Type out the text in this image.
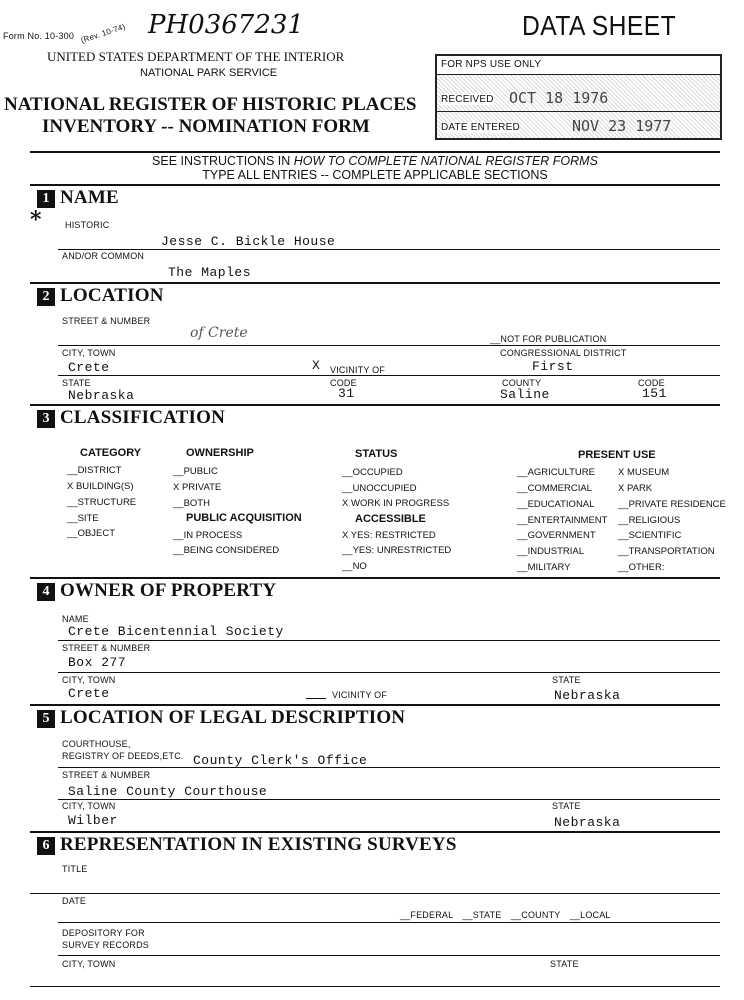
Form No. 10-300 (Rev. 10-74) PH0367231	DATA SHEET
UNITED STATES DEPARTMENT OF THE INTERIOR
NATIONAL PARK SERVICE
NATIONAL REGISTER OF HISTORIC PLACES
INVENTORY -- NOMINATION FORM
FOR NPS USE ONLY
RECEIVED OCT 18 1976
DATE ENTERED	NOV 23 1977
SEE INSTRUCTIONS IN HOW TO COMPLETE NATIONAL REGISTER FORMS
TYPE ALL ENTRIES -- COMPLETE APPLICABLE SECTIONS
1 NAME
HISTORIC
*
Jesse C. Bickle House
AND/OR COMMON
The Maples
2 LOCATION
STREET & NUMBER
of Crete	__NOT FOR PUBLICATION
CITY, TOWN	CONGRESSIONAL DISTRICT
Crete	X VICINITY OF	First
STATE	CODE	COUNTY	CODE
Nebraska	31	Saline	151
3 CLASSIFICATION
CATEGORY
__DISTRICT
X BUILDING(S)
__STRUCTURE
__SITE
__OBJECT
OWNERSHIP
__PUBLIC
X PRIVATE
__BOTH
PUBLIC ACQUISITION
__IN PROCESS
__BEING CONSIDERED
STATUS
__OCCUPIED
__UNOCCUPIED
X WORK IN PROGRESS
ACCESSIBLE
X YES: RESTRICTED
__YES: UNRESTRICTED
__NO
PRESENT USE
__AGRICULTURE
__COMMERCIAL
__EDUCATIONAL
__ENTERTAINMENT
__GOVERNMENT
__INDUSTRIAL
__MILITARY
X MUSEUM
X PARK
__PRIVATE RESIDENCE
__RELIGIOUS
__SCIENTIFIC
__TRANSPORTATION
__OTHER:
4 OWNER OF PROPERTY
NAME
Crete Bicentennial Society
STREET & NUMBER
Box 277
CITY, TOWN	STATE
Crete	VICINITY OF	Nebraska
5 LOCATION OF LEGAL DESCRIPTION
COURTHOUSE,
REGISTRY OF DEEDS,ETC. County Clerk's Office
STREET & NUMBER
Saline County Courthouse
CITY, TOWN	STATE
Wilber	Nebraska
6 REPRESENTATION IN EXISTING SURVEYS
TITLE
DATE
__FEDERAL  __STATE  __COUNTY  __LOCAL
DEPOSITORY FOR
SURVEY RECORDS
CITY, TOWN	STATE
